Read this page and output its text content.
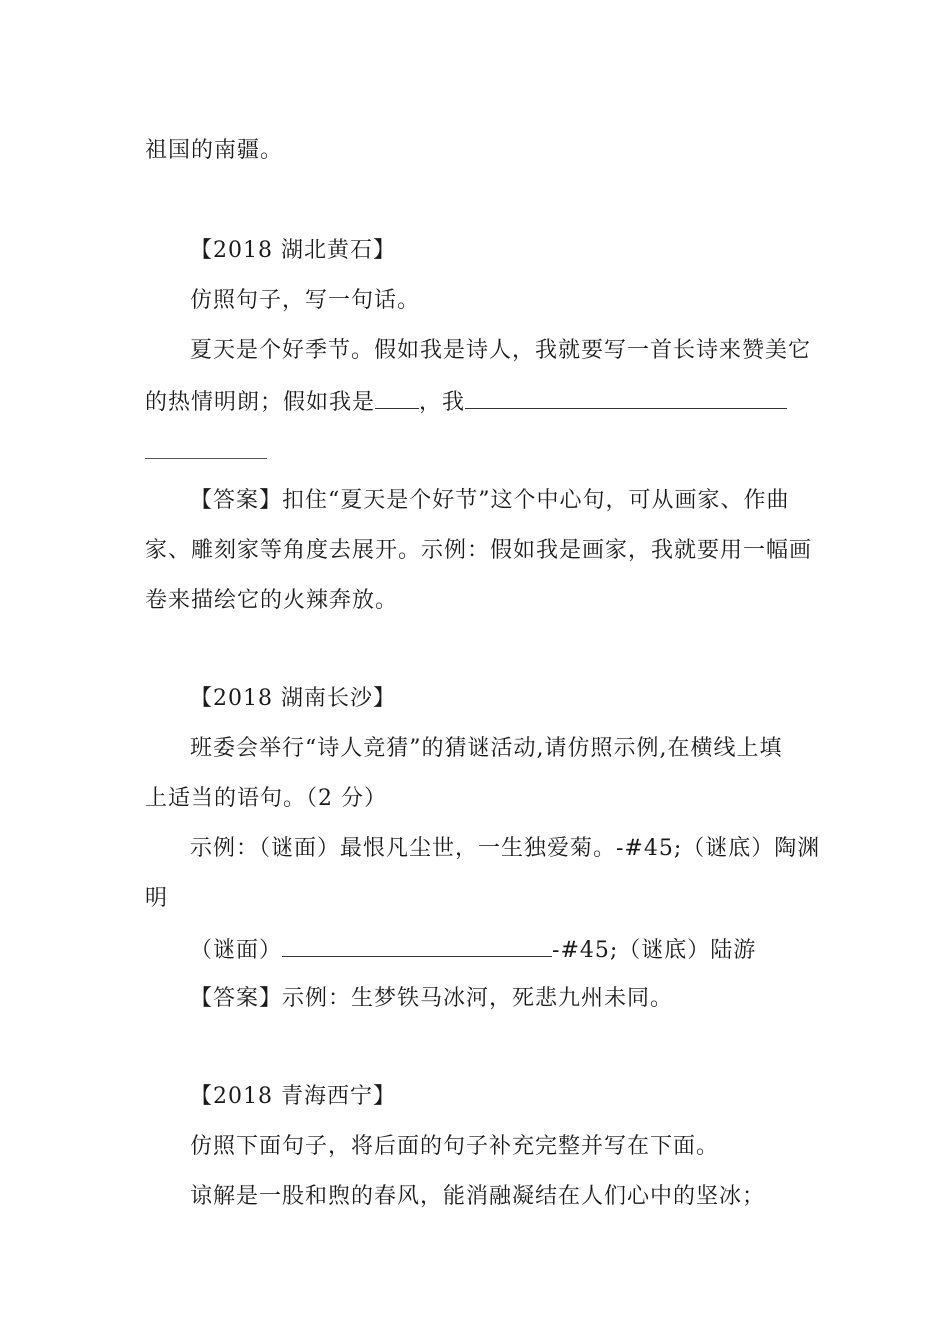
祖国的南疆。
【2018 湖北黄石】
仿照句子，写一句话。
夏天是个好季节。假如我是诗人，我就要写一首长诗来赞美它
的热情明朗；假如我是 ，我
【答案】扣住“夏天是个好节”这个中心句，可从画家、作曲
家、雕刻家等角度去展开。示例：假如我是画家，我就要用一幅画
卷来描绘它的火辣奔放。
【2018 湖南长沙】
班委会举行“诗人竞猜”的猜谜活动,请仿照示例,在横线上填
上适当的语句。（2 分）
示例：（谜面）最恨凡尘世，一生独爱菊。-#45;（谜底）陶渊
明
（谜面）	-#45;（谜底）陆游
【答案】示例：生梦铁马冰河，死悲九州未同。
【2018 青海西宁】
仿照下面句子，将后面的句子补充完整并写在下面。
谅解是一股和煦的春风，能消融凝结在人们心中的坚冰；
